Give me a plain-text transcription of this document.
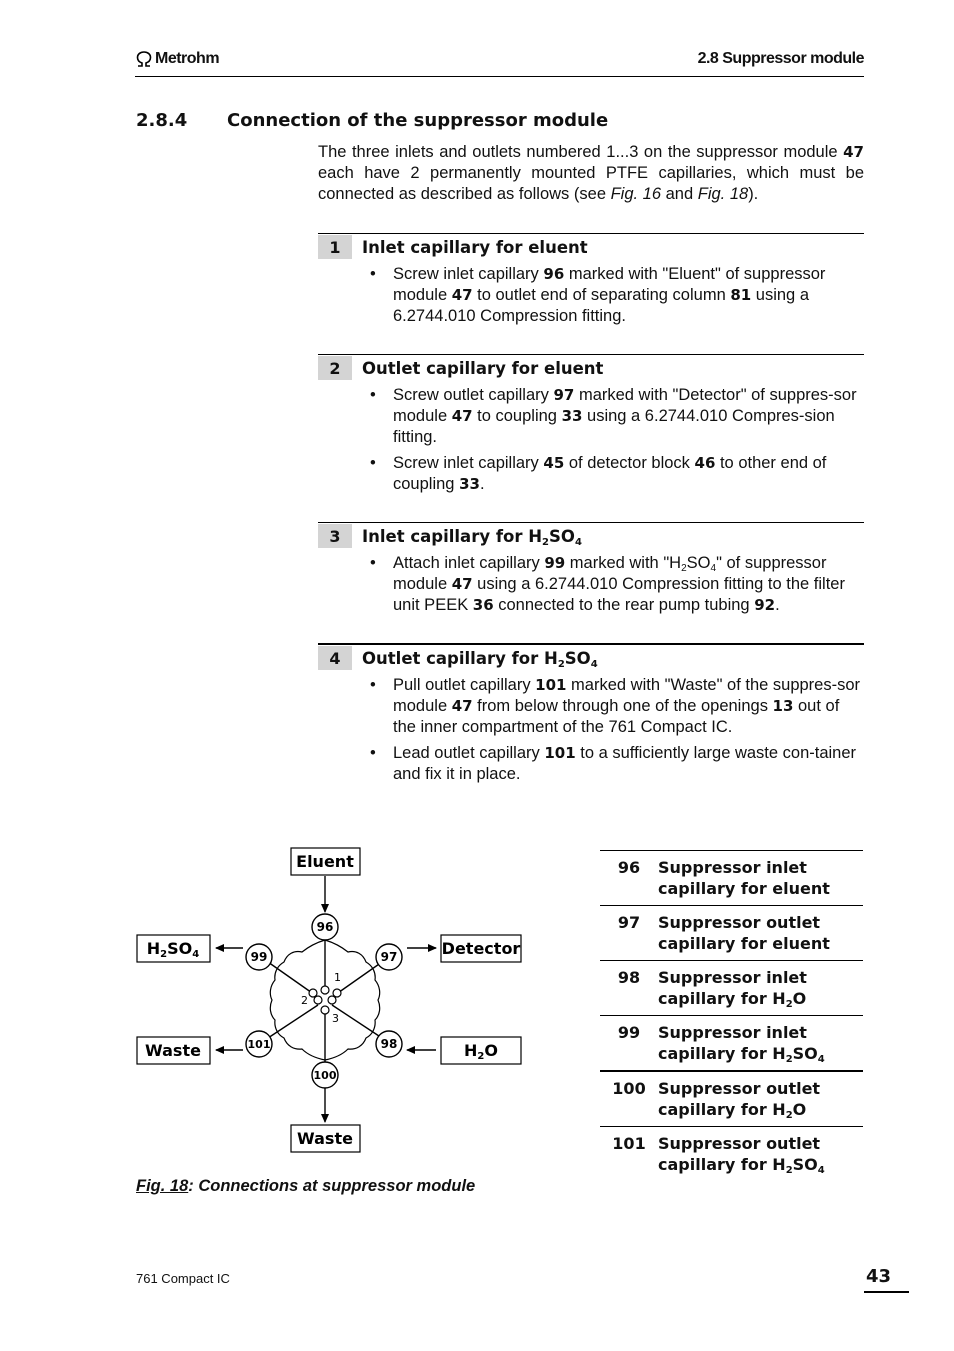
Metrohm	2.8 Suppressor module
2.8.4 Connection of the suppressor module
The three inlets and outlets numbered 1...3 on the suppressor module 47 each have 2 permanently mounted PTFE capillaries, which must be connected as described as follows (see Fig. 16 and Fig. 18).
1	Inlet capillary for eluent
• Screw inlet capillary 96 marked with "Eluent" of suppressor module 47 to outlet end of separating column 81 using a 6.2744.010 Compression fitting.
2	Outlet capillary for eluent
• Screw outlet capillary 97 marked with "Detector" of suppres-sor module 47 to coupling 33 using a 6.2744.010 Compres-sion fitting.
• Screw inlet capillary 45 of detector block 46 to other end of coupling 33.
3	Inlet capillary for $H_2SO_4$
• Attach inlet capillary 99 marked with "$H_2SO_4$" of suppressor module 47 using a 6.2744.010 Compression fitting to the filter unit PEEK 36 connected to the rear pump tubing 92.
4	Outlet capillary for $H_2SO_4$
• Pull outlet capillary 101 marked with "Waste" of the suppres-sor module 47 from below through one of the openings 13 out of the inner compartment of the 761 Compact IC.
• Lead outlet capillary 101 to a sufficiently large waste con-tainer and fix it in place.
1
2
3
96
99	97
101	98
100
Eluent
Detector
H2SO4
Waste	H2O
Waste
96	Suppressor inlet
capillary for eluent
97	Suppressor outlet
capillary for eluent
98	Suppressor inlet
capillary for $H_2O$
99	Suppressor inlet
capillary for $H_2SO_4$
100 Suppressor outlet
capillary for $H_2O$
101 Suppressor outlet
capillary for $H_2SO_4$
Fig. 18: Connections at suppressor module
761 Compact IC	43
